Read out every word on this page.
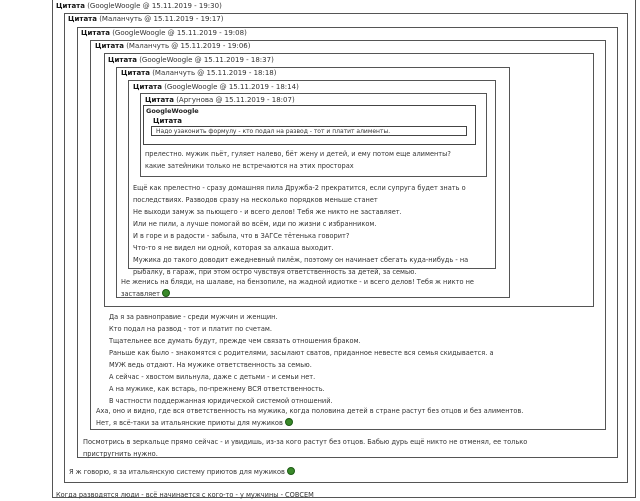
Цитата (GoogleWoogle @ 15.11.2019 - 19:30)
Цитата (Маланчуть @ 15.11.2019 - 19:17)
Цитата (GoogleWoogle @ 15.11.2019 - 19:08)
Цитата (Маланчуть @ 15.11.2019 - 19:06)
Цитата (GoogleWoogle @ 15.11.2019 - 18:37)
Цитата (Маланчуть @ 15.11.2019 - 18:18)
Цитата (GoogleWoogle @ 15.11.2019 - 18:14)
Цитата (Аргунова @ 15.11.2019 - 18:07)
GoogleWoogle
Цитата
Надо узаконить формулу - кто подал на развод - тот и платит алименты.
прелестно. мужик пьёт, гуляет налево, бёт жену и детей, и ему потом еще алименты?
какие затейники только не встречаются на этих просторах
Ещё как прелестно - сразу домашняя пила Дружба-2 прекратится, если супруга будет знать о
последствиях. Разводов сразу на несколько порядков меньше станет
Не выходи замуж за пьющего - и всего делов! Тебя же никто не заставляет.
Или не пили, а лучше помогай во всём, иди по жизни с избранником.
И в горе и в радости - забыла, что в ЗАГСе тётенька говорит?
Что-то я не видел ни одной, которая за алкаша выходит.
Мужика до такого доводит ежедневный пилёж, поэтому он начинает сбегать куда-нибудь - на
рыбалку, в гараж, при этом остро чувствуя ответственность за детей, за семью.
Не женись на бляди, на шалаве, на бензопиле, на жадной идиотке - и всего делов! Тебя ж никто не
заставляет
Да я за равноправие - среди мужчин и женщин.
Кто подал на развод - тот и платит по счетам.
Тщательнее все думать будут, прежде чем связать отношения браком.
Раньше как было - знакомятся с родителями, засылают сватов, приданное невесте вся семья скидывается. а
МУЖ ведь отдают. На мужике ответственность за семью.
А сейчас - хвостом вильнула, даже с детьми - и семьи нет.
А на мужике, как встарь, по-прежнему ВСЯ ответственность.
В частности поддержанная юридической системой отношений.
Аха, оно и видно, где вся ответственность на мужика, когда половина детей в стране растут без отцов и без алиментов.
Нет, я всё-таки за итальянские приюты для мужиков
Посмотрись в зеркальце прямо сейчас - и увидишь, из-за кого растут без отцов. Бабью дурь ещё никто не отменял, ее только
пристругнить нужно.
Я ж говорю, я за итальянскую систему приютов для мужиков
Когда разводятся люди - всё начинается с кого-то - у мужчины - СОВСЕМ
